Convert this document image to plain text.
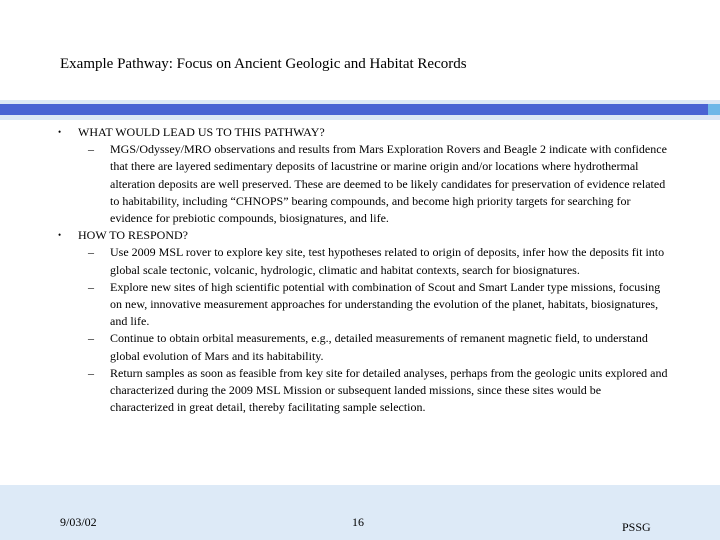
Example Pathway: Focus on Ancient Geologic and Habitat Records
•	WHAT WOULD LEAD US TO THIS PATHWAY?
–	MGS/Odyssey/MRO observations and results from Mars Exploration Rovers and Beagle 2 indicate with confidence that there are layered sedimentary deposits of lacustrine or marine origin and/or locations where hydrothermal alteration deposits are well preserved. These are deemed to be likely candidates for preservation of evidence related to habitability, including “CHNOPS” bearing compounds, and become high priority targets for searching for evidence for prebiotic compounds, biosignatures, and life.
•	HOW TO RESPOND?
–	Use 2009 MSL rover to explore key site, test hypotheses related to origin of deposits, infer how the deposits fit into global scale tectonic, volcanic, hydrologic, climatic and habitat contexts, search for biosignatures.
–	Explore new sites of high scientific potential with combination of Scout and Smart Lander type missions, focusing on new, innovative measurement approaches for understanding the evolution of the planet, habitats, biosignatures, and life.
–	Continue to obtain orbital measurements, e.g., detailed measurements of remanent magnetic field, to understand global evolution of Mars and its habitability.
–	Return samples as soon as feasible from key site for detailed analyses, perhaps from the geologic units explored and characterized during the 2009 MSL Mission or subsequent landed missions, since these sites would be characterized in great detail, thereby facilitating sample selection.
9/03/02	16	PSSG
